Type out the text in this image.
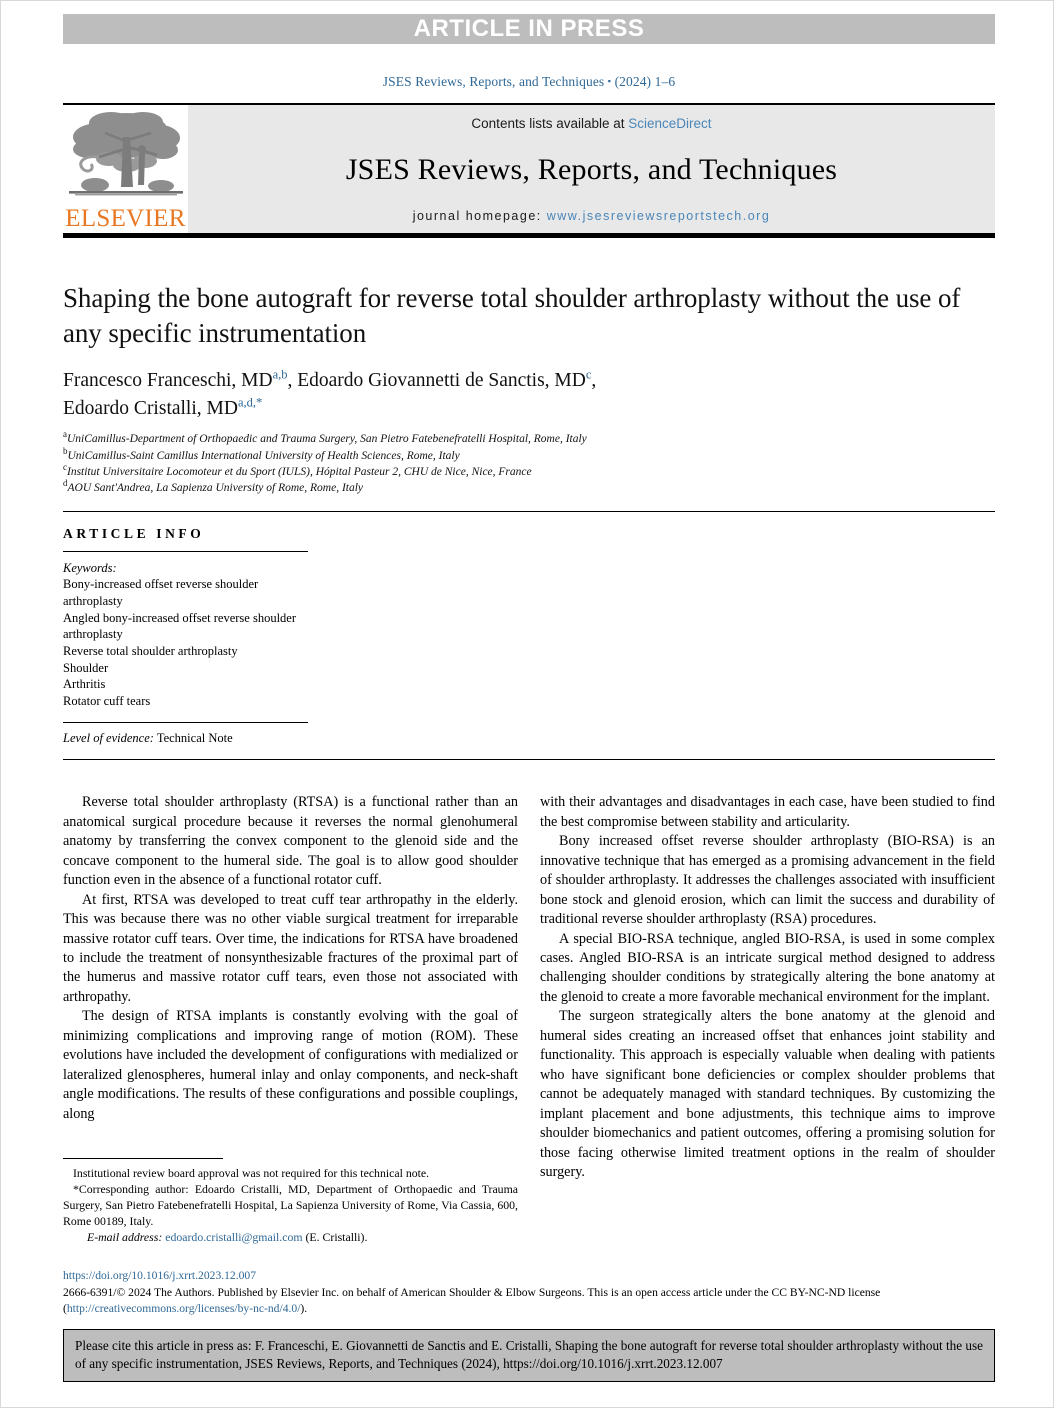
ARTICLE IN PRESS
JSES Reviews, Reports, and Techniques ▪ (2024) 1–6
ELSEVIER
Contents lists available at ScienceDirect
JSES Reviews, Reports, and Techniques
journal homepage: www.jsesreviewsreportstech.org
Shaping the bone autograft for reverse total shoulder arthroplasty without the use of any specific instrumentation
Francesco Franceschi, MD$^{a,b}$, Edoardo Giovannetti de Sanctis, $MD^c$,
Edoardo Cristalli, $MD^{a,d,*}$
$^a$UniCamillus-Department of Orthopaedic and Trauma Surgery, San Pietro Fatebenefratelli Hospital, Rome, Italy
$^b$UniCamillus-Saint Camillus International University of Health Sciences, Rome, Italy
$^c$Institut Universitaire Locomoteur et du Sport (IULS), Hópital Pasteur 2, CHU de Nice, Nice, France
$^d$AOU Sant'Andrea, La Sapienza University of Rome, Rome, Italy
ARTICLE INFO
Keywords:
Bony-increased offset reverse shoulder arthroplasty
Angled bony-increased offset reverse shoulder arthroplasty
Reverse total shoulder arthroplasty
Shoulder
Arthritis
Rotator cuff tears
Level of evidence: Technical Note

Reverse total shoulder arthroplasty (RTSA) is a functional rather than an anatomical surgical procedure because it reverses the normal glenohumeral anatomy by transferring the convex component to the glenoid side and the concave component to the humeral side. The goal is to allow good shoulder function even in the absence of a functional rotator cuff.

At first, RTSA was developed to treat cuff tear arthropathy in the elderly. This was because there was no other viable surgical treatment for irreparable massive rotator cuff tears. Over time, the indications for RTSA have broadened to include the treatment of nonsynthesizable fractures of the proximal part of the humerus and massive rotator cuff tears, even those not associated with arthropathy.

The design of RTSA implants is constantly evolving with the goal of minimizing complications and improving range of motion (ROM). These evolutions have included the development of configurations with medialized or lateralized glenospheres, humeral inlay and onlay components, and neck-shaft angle modifications. The results of these configurations and possible couplings, along

Institutional review board approval was not required for this technical note.

*Corresponding author: Edoardo Cristalli, MD, Department of Orthopaedic and Trauma Surgery, San Pietro Fatebenefratelli Hospital, La Sapienza University of Rome, Via Cassia, 600, Rome 00189, Italy.

E-mail address: edoardo.cristalli@gmail.com (E. Cristalli).

with their advantages and disadvantages in each case, have been studied to find the best compromise between stability and articularity.

Bony increased offset reverse shoulder arthroplasty (BIO-RSA) is an innovative technique that has emerged as a promising advancement in the field of shoulder arthroplasty. It addresses the challenges associated with insufficient bone stock and glenoid erosion, which can limit the success and durability of traditional reverse shoulder arthroplasty (RSA) procedures.

A special BIO-RSA technique, angled BIO-RSA, is used in some complex cases. Angled BIO-RSA is an intricate surgical method designed to address challenging shoulder conditions by strategically altering the bone anatomy at the glenoid to create a more favorable mechanical environment for the implant.

The surgeon strategically alters the bone anatomy at the glenoid and humeral sides creating an increased offset that enhances joint stability and functionality. This approach is especially valuable when dealing with patients who have significant bone deficiencies or complex shoulder problems that cannot be adequately managed with standard techniques. By customizing the implant placement and bone adjustments, this technique aims to improve shoulder biomechanics and patient outcomes, offering a promising solution for those facing otherwise limited treatment options in the realm of shoulder surgery.

https://doi.org/10.1016/j.xrrt.2023.12.007
2666-6391/© 2024 The Authors. Published by Elsevier Inc. on behalf of American Shoulder & Elbow Surgeons. This is an open access article under the CC BY-NC-ND license (http://creativecommons.org/licenses/by-nc-nd/4.0/).
Please cite this article in press as: F. Franceschi, E. Giovannetti de Sanctis and E. Cristalli, Shaping the bone autograft for reverse total shoulder arthroplasty without the use of any specific instrumentation, JSES Reviews, Reports, and Techniques (2024), https://doi.org/10.1016/j.xrrt.2023.12.007
